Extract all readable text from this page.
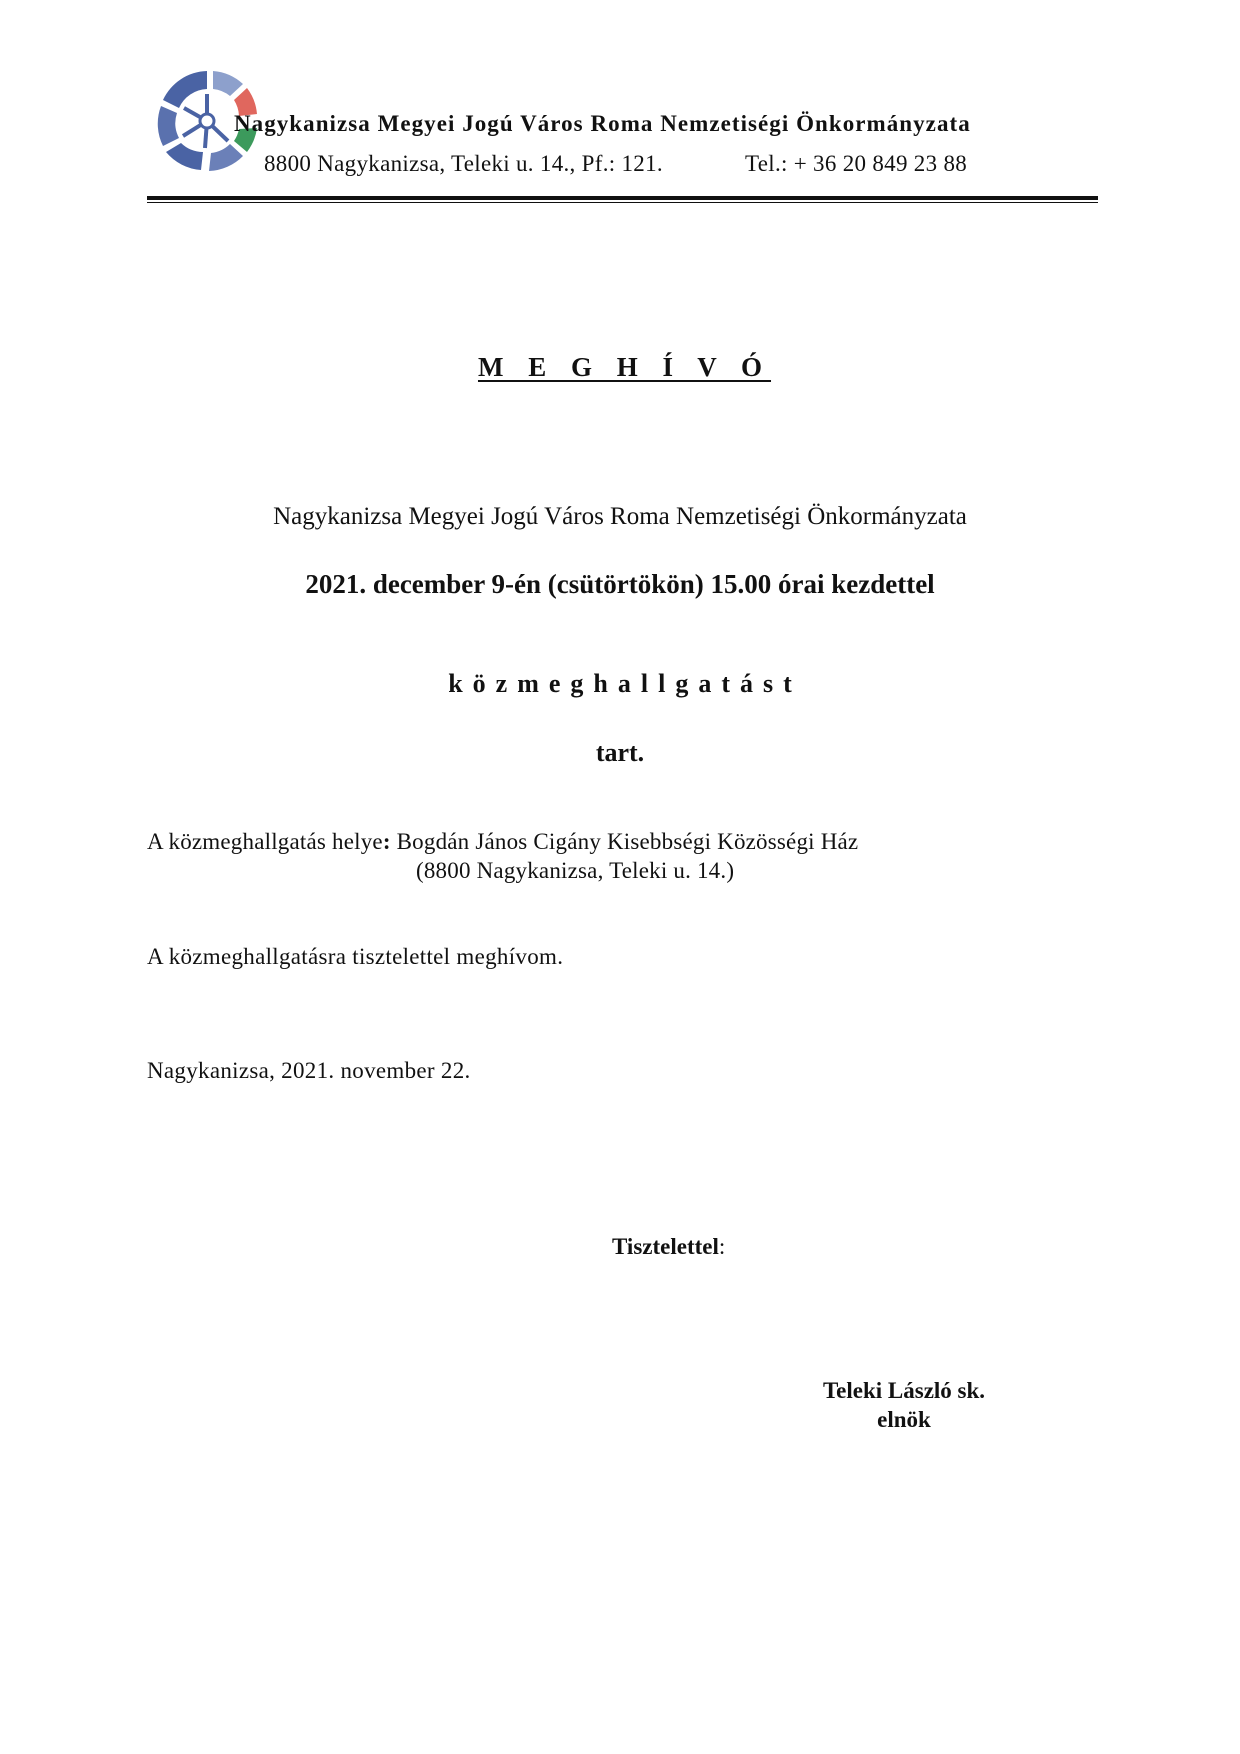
Nagykanizsa Megyei Jogú Város Roma Nemzetiségi Önkormányzata
8800 Nagykanizsa, Teleki u. 14., Pf.: 121.	Tel.: + 36 20 849 23 88
M E G H Í V Ó
Nagykanizsa Megyei Jogú Város Roma Nemzetiségi Önkormányzata
2021. december 9-én (csütörtökön) 15.00 órai kezdettel
közmeghallgatást
tart.
A közmeghallgatás helye: Bogdán János Cigány Kisebbségi Közösségi Ház
(8800 Nagykanizsa, Teleki u. 14.)
A közmeghallgatásra tisztelettel meghívom.
Nagykanizsa, 2021. november 22.
Tisztelettel:
Teleki László sk.
elnök
